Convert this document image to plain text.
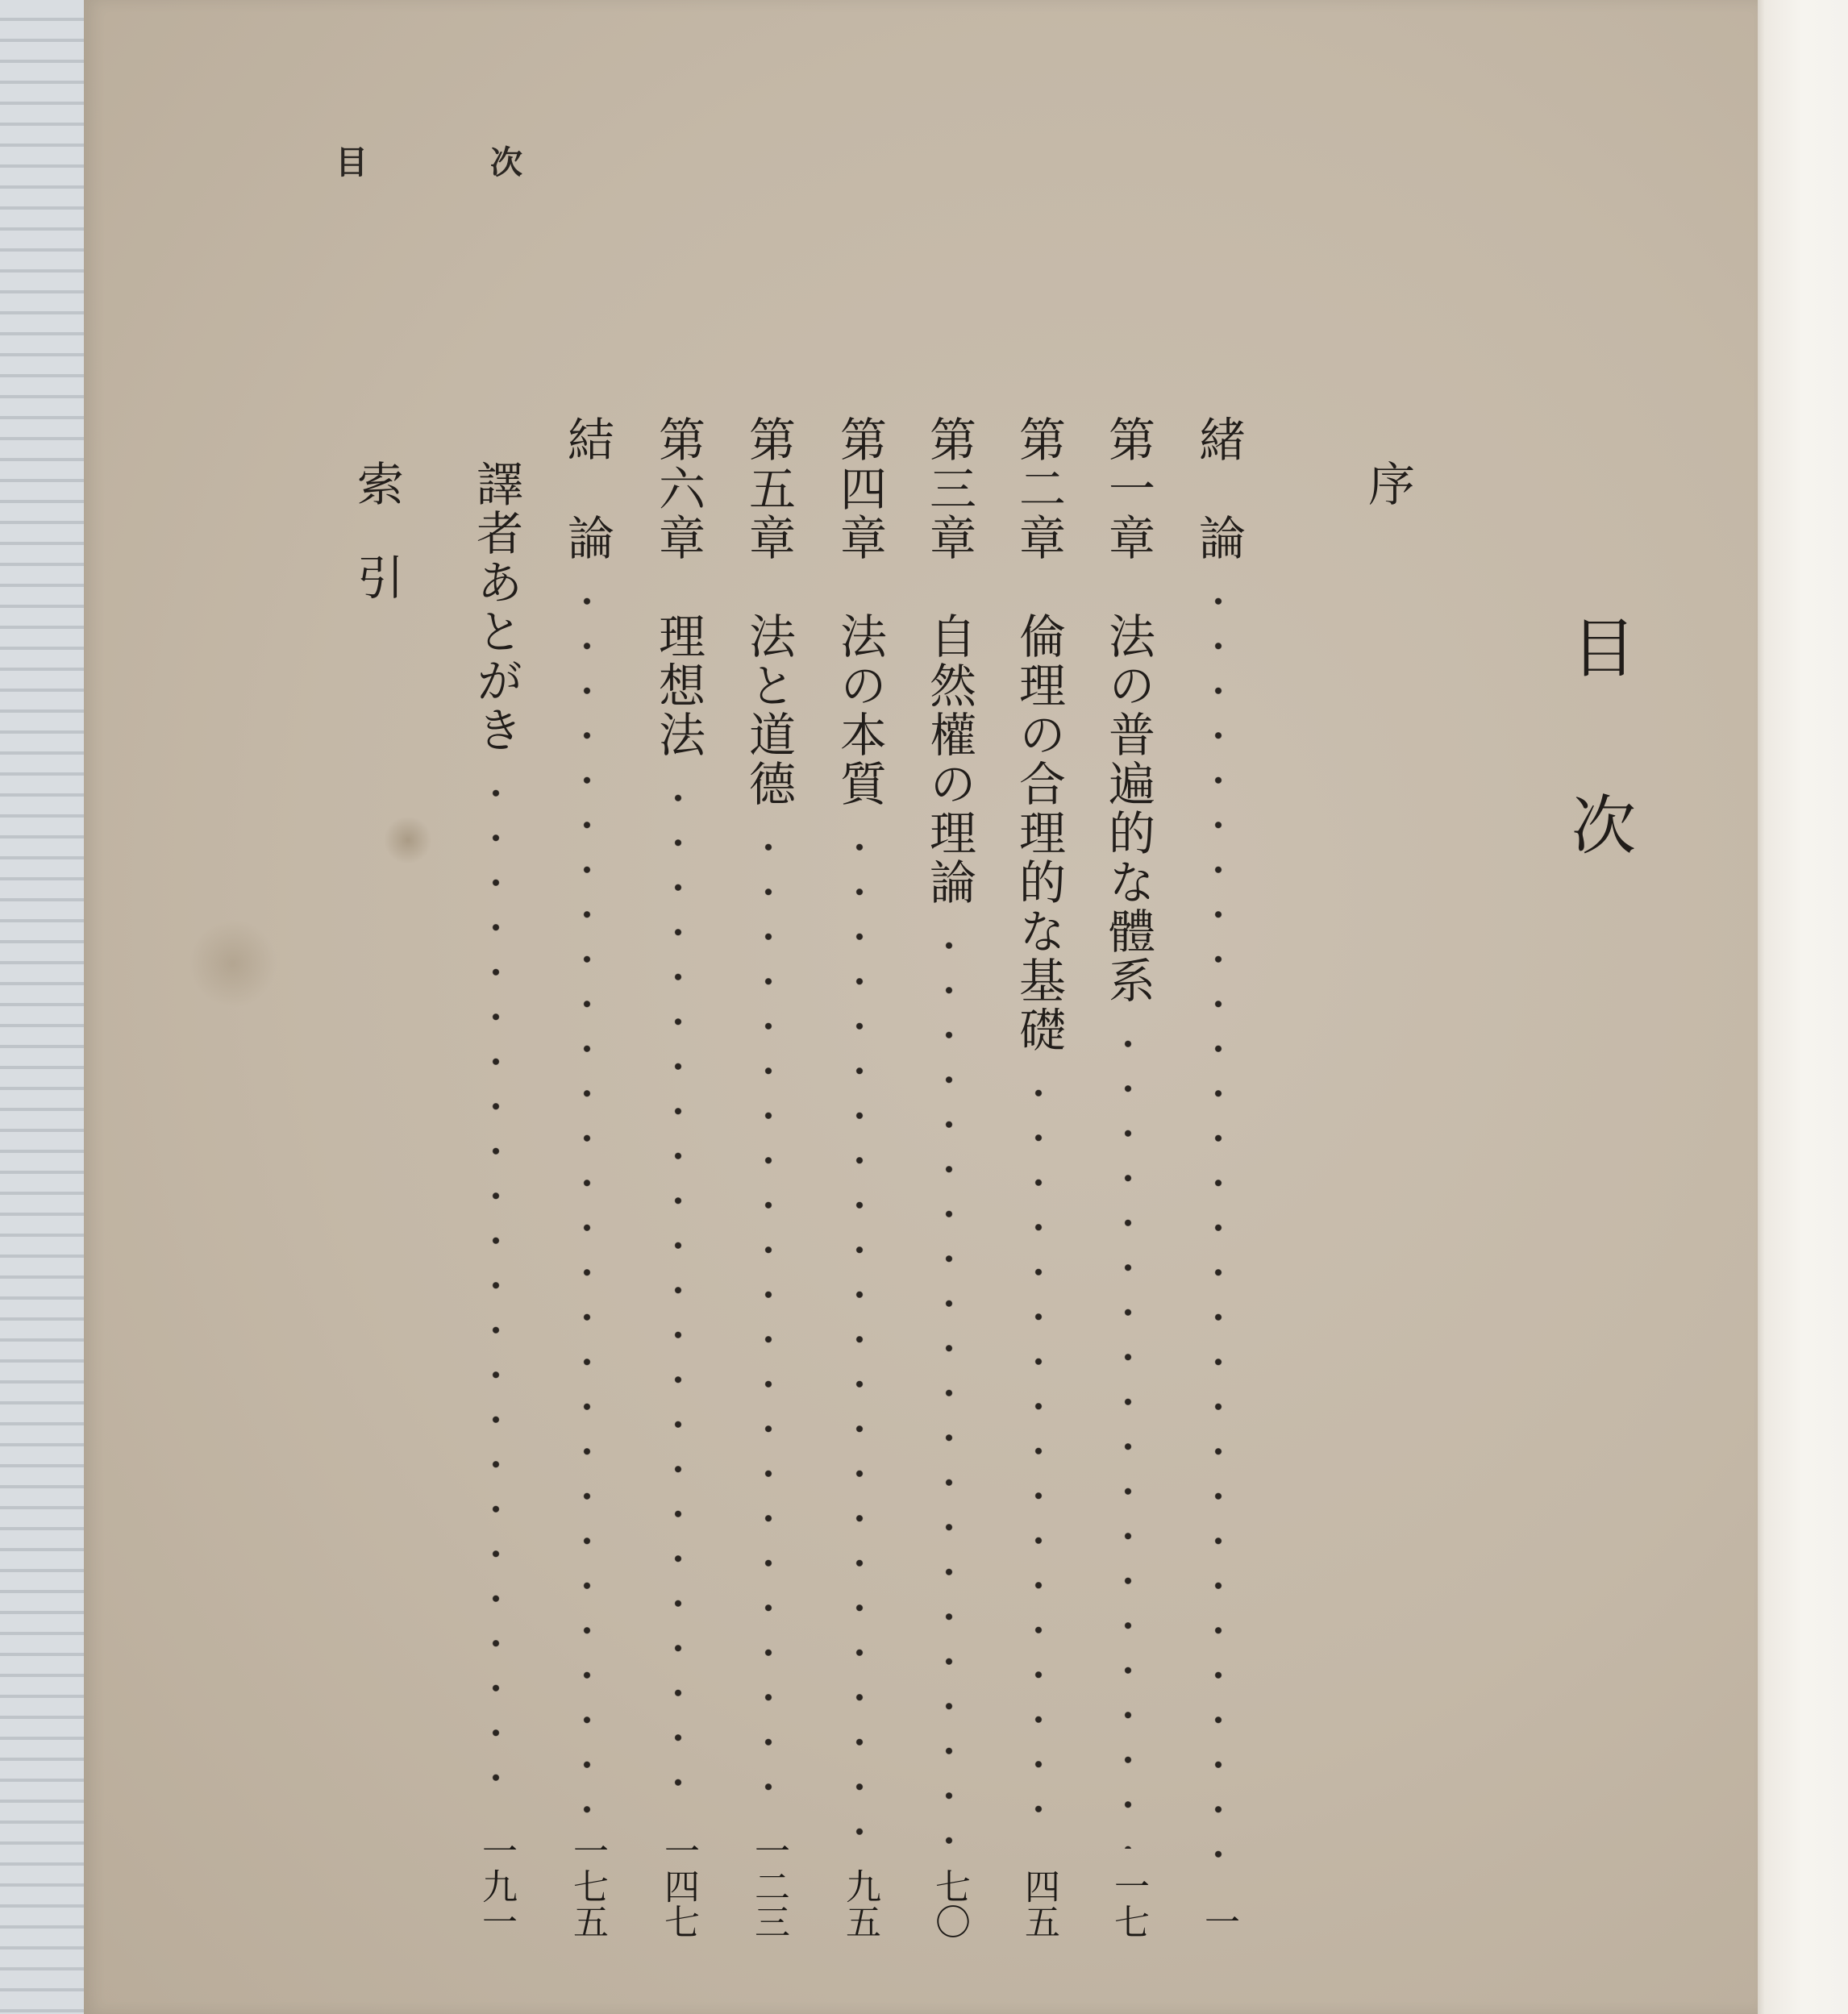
目	次
目
次
序
緒　論
一
第一章　法の普遍的な體系
一七
第二章　倫理の合理的な基礎
四五
第三章　自然權の理論
七〇
第四章　法の本質
九五
第五章　法と道德
一二三
第六章　理想法
一四七
結　論
一七五
譯者あとがき
一九一
索　引
